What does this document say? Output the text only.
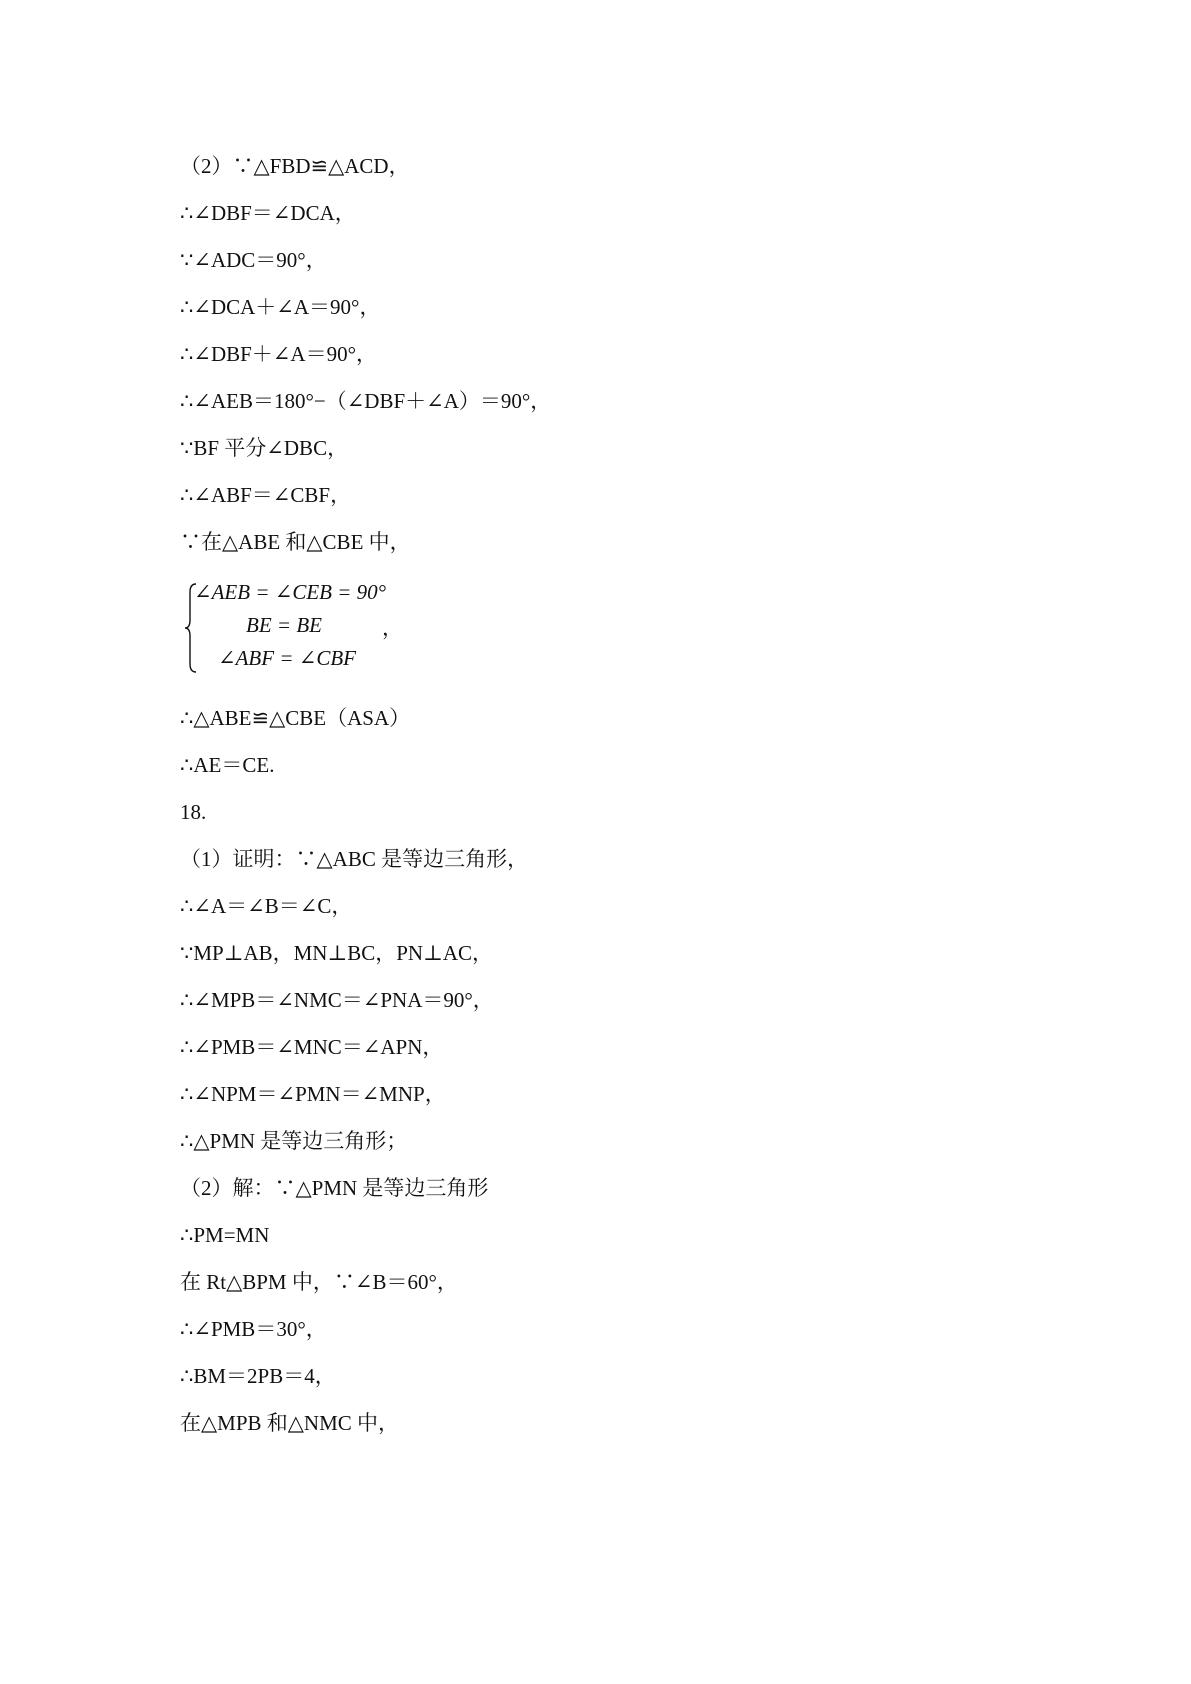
（2）∵△FBD≌△ACD，
∴∠DBF＝∠DCA，
∵∠ADC＝90°，
∴∠DCA＋∠A＝90°，
∴∠DBF＋∠A＝90°，
∴∠AEB＝180°−（∠DBF＋∠A）＝90°，
∵BF 平分∠DBC，
∴∠ABF＝∠CBF，
∵在△ABE 和△CBE 中，
∠AEB = ∠CEB = 90°
BE = BE
∠ABF = ∠CBF
，
∴△ABE≌△CBE（ASA）
∴AE＝CE.
18.
（1）证明：∵△ABC 是等边三角形，
∴∠A＝∠B＝∠C，
∵MP⊥AB，MN⊥BC，PN⊥AC，
∴∠MPB＝∠NMC＝∠PNA＝90°，
∴∠PMB＝∠MNC＝∠APN，
∴∠NPM＝∠PMN＝∠MNP，
∴△PMN 是等边三角形；
（2）解：∵△PMN 是等边三角形
∴PM=MN
在 Rt△BPM 中，∵∠B＝60°，
∴∠PMB＝30°，
∴BM＝2PB＝4，
在△MPB 和△NMC 中，
